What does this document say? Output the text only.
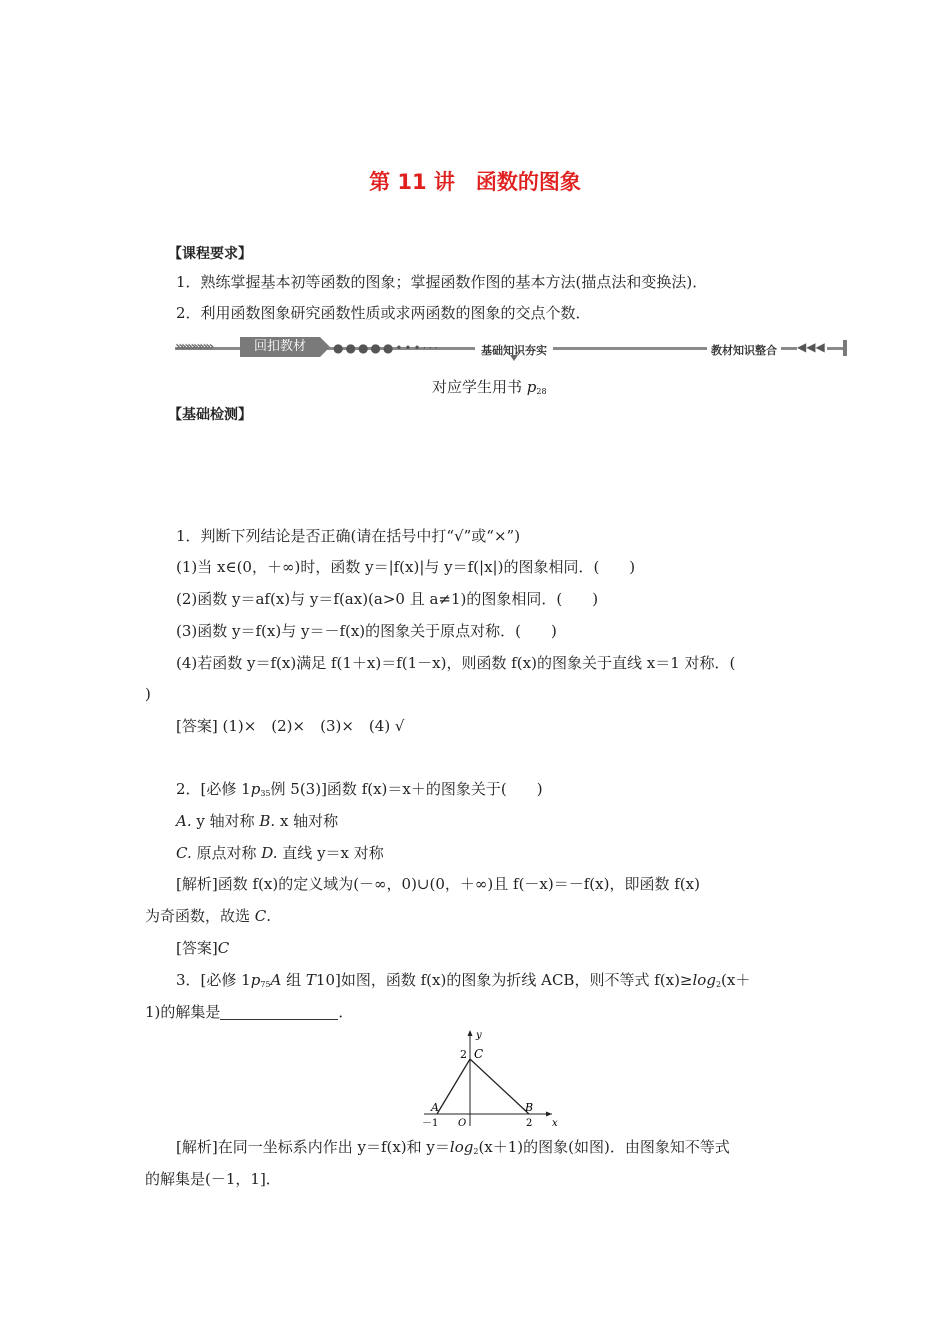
第 11 讲　函数的图象
【课程要求】
1．熟练掌握基本初等函数的图象；掌握函数作图的基本方法(描点法和变换法)．
2．利用函数图象研究函数性质或求两函数的图象的交点个数．
»»»»»»	回扣教材	●●●●●•••···	基础知识夯实	教材知识整合	◀◀◀
对应学生用书 $p_{28}$
【基础检测】
1．判断下列结论是否正确(请在括号中打“√”或“×”)
(1)当 x∈(0，＋∞)时，函数 y＝|f(x)|与 y＝f(|x|)的图象相同．(　　)
(2)函数 y＝af(x)与 y＝f(ax)(a>0 且 a≠1)的图象相同．(　　)
(3)函数 y＝f(x)与 y＝－f(x)的图象关于原点对称．(　　)
(4)若函数 y＝f(x)满足 f(1＋x)＝f(1－x)，则函数 f(x)的图象关于直线 x＝1 对称．(
)
[答案] (1)×　(2)×　(3)×　(4) √
2．[必修 $1p_{35}$例 5(3)]函数 f(x)＝x＋的图象关于(　　)
A. y 轴对称 B. x 轴对称
C. 原点对称 D. 直线 y＝x 对称
[解析]函数 f(x)的定义域为(－∞，0)∪(0，＋∞)且 f(－x)＝－f(x)，即函数 f(x)
为奇函数，故选 C.
[答案]C
3．[必修 $1p_{75}A$ 组 T10]如图，函数 f(x)的图象为折线 ACB，则不等式 $f(x)\ge\log_2(x+$
1)的解集是	．
y
x
C
2
A	B
－1 O	2
[解析]在同一坐标系内作出 y＝f(x)和 $y=\log_2(x+1)$的图象(如图)．由图象知不等式
的解集是(－1，1]．
